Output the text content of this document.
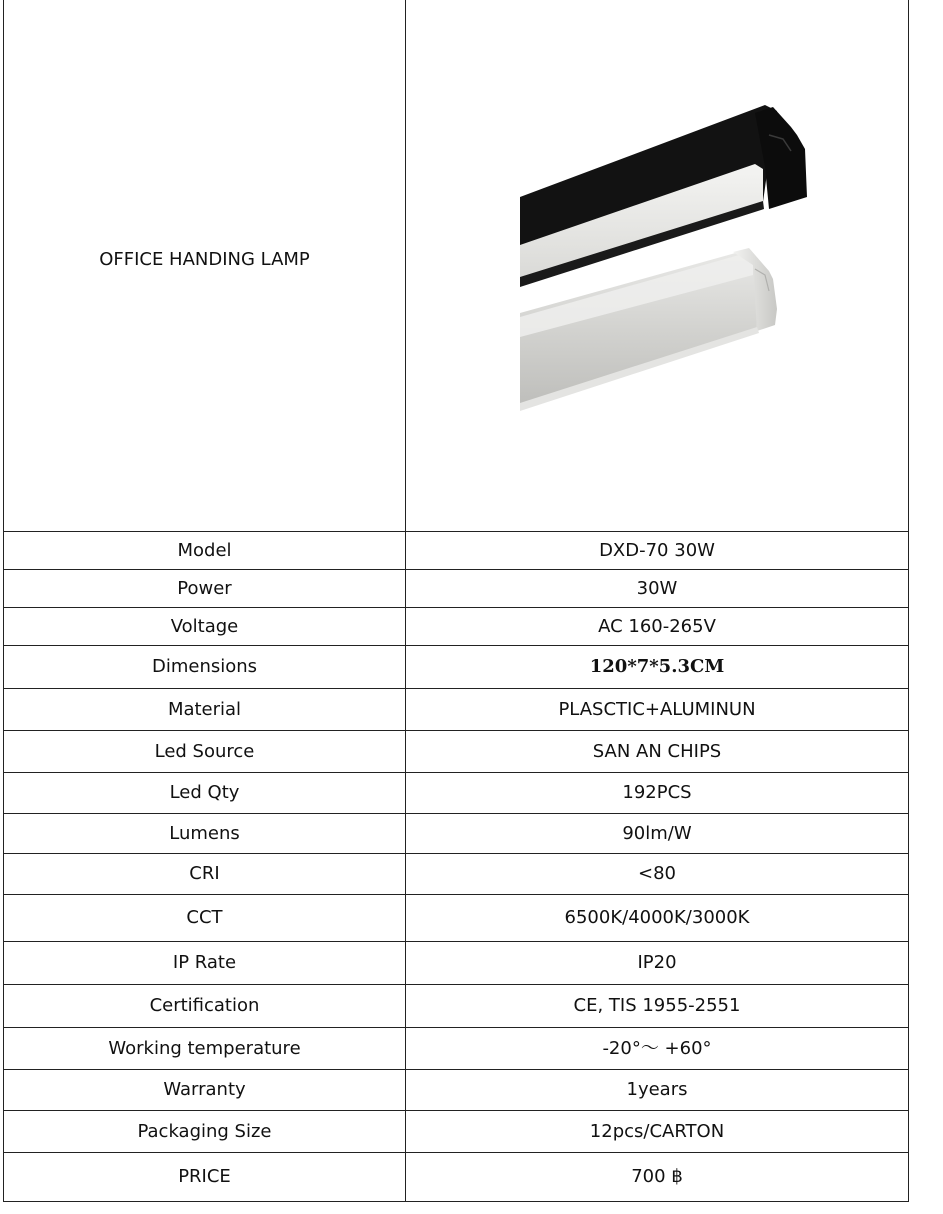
OFFICE HANDING LAMP	

Model	DXD-70 30W
Power	30W
Voltage	AC 160-265V
Dimensions	120*7*5.3CM
Material	PLASCTIC+ALUMINUN
Led Source	SAN AN CHIPS
Led Qty	192PCS
Lumens	90lm/W
CRI	<80
CCT	6500K/4000K/3000K
IP Rate	IP20
Certification	CE, TIS 1955-2551
Working temperature	-20°～ +60°
Warranty	1years
Packaging Size	12pcs/CARTON
PRICE	700 ฿
